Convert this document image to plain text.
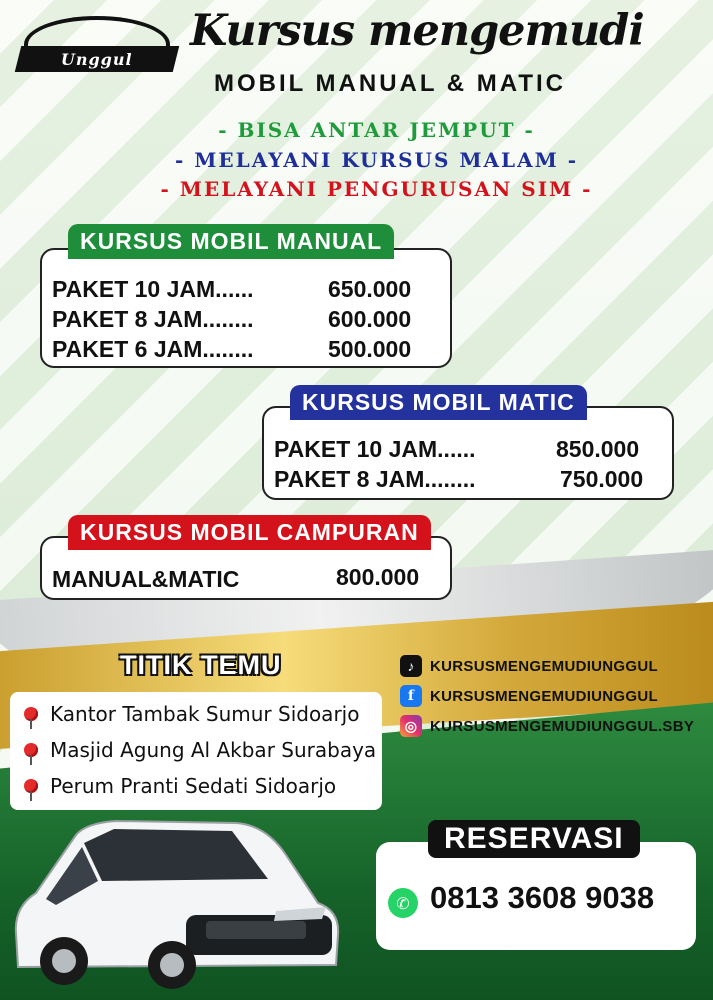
Unggul
Kursus mengemudi
MOBIL MANUAL & MATIC
- BISA ANTAR JEMPUT -
- MELAYANI KURSUS MALAM -
- MELAYANI PENGURUSAN SIM -
PAKET 10 JAM......	650.000
PAKET 8 JAM........	600.000
PAKET 6 JAM........	500.000
KURSUS MOBIL MANUAL
PAKET 10 JAM......	850.000
PAKET 8 JAM........	750.000
KURSUS MOBIL MATIC
MANUAL&MATIC	800.000
KURSUS MOBIL CAMPURAN
TITIK TEMU
Kantor Tambak Sumur Sidoarjo
Masjid Agung Al Akbar Surabaya
Perum Pranti Sedati Sidoarjo
♪	KURSUSMENGEMUDIUNGGUL
f	KURSUSMENGEMUDIUNGGUL
◎ KURSUSMENGEMUDIUNGGUL.SBY
RESERVASI
✆ 0813 3608 9038
